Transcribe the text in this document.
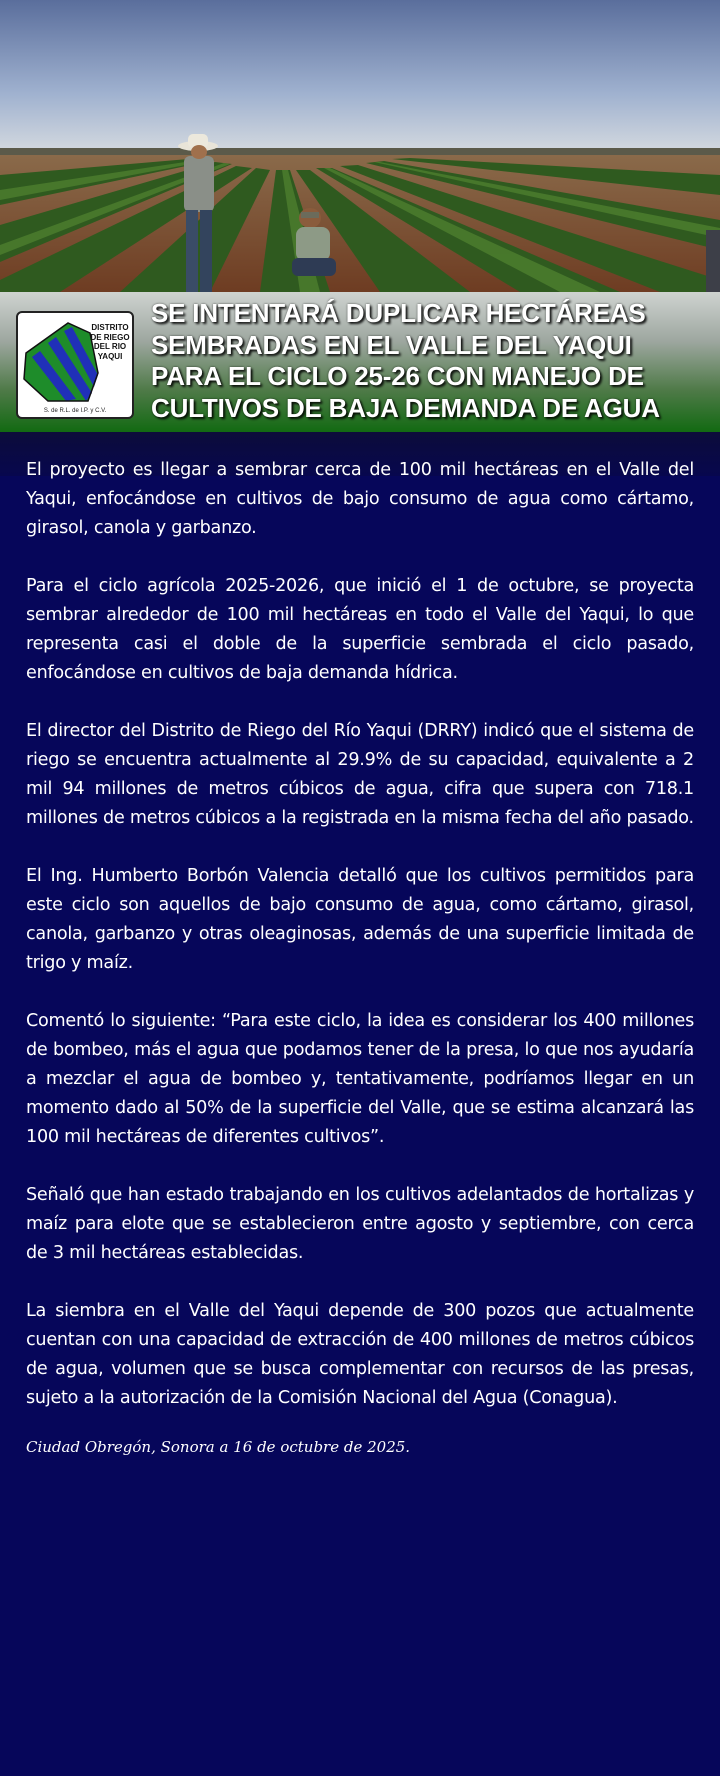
DISTRITO
DE RIEGO
DEL RIO
YAQUI
S. de R.L. de I.P. y C.V.
SE INTENTARÁ DUPLICAR HECTÁREAS
SEMBRADAS EN EL VALLE DEL YAQUI
PARA EL CICLO 25-26 CON MANEJO DE
CULTIVOS DE BAJA DEMANDA DE AGUA

El proyecto es llegar a sembrar cerca de 100 mil hectáreas en el Valle del Yaqui, enfocándose en cultivos de bajo consumo de agua como cártamo, girasol, canola y garbanzo.

Para el ciclo agrícola 2025-2026, que inició el 1 de octubre, se proyecta sembrar alrededor de 100 mil hectáreas en todo el Valle del Yaqui, lo que representa casi el doble de la superficie sembrada el ciclo pasado, enfocándose en cultivos de baja demanda hídrica.

El director del Distrito de Riego del Río Yaqui (DRRY) indicó que el sistema de riego se encuentra actualmente al 29.9% de su capacidad, equivalente a 2 mil 94 millones de metros cúbicos de agua, cifra que supera con 718.1 millones de metros cúbicos a la registrada en la misma fecha del año pasado.

El Ing. Humberto Borbón Valencia detalló que los cultivos permitidos para este ciclo son aquellos de bajo consumo de agua, como cártamo, girasol, canola, garbanzo y otras oleaginosas, además de una superficie limitada de trigo y maíz.

Comentó lo siguiente: “Para este ciclo, la idea es considerar los 400 millones de bombeo, más el agua que podamos tener de la presa, lo que nos ayudaría a mezclar el agua de bombeo y, tentativamente, podríamos llegar en un momento dado al 50% de la superficie del Valle, que se estima alcanzará las 100 mil hectáreas de diferentes cultivos”.

Señaló que han estado trabajando en los cultivos adelantados de hortalizas y maíz para elote que se establecieron entre agosto y septiembre, con cerca de 3 mil hectáreas establecidas.

La siembra en el Valle del Yaqui depende de 300 pozos que actualmente cuentan con una capacidad de extracción de 400 millones de metros cúbicos de agua, volumen que se busca complementar con recursos de las presas, sujeto a la autorización de la Comisión Nacional del Agua (Conagua).

Ciudad Obregón, Sonora a 16 de octubre de 2025.
